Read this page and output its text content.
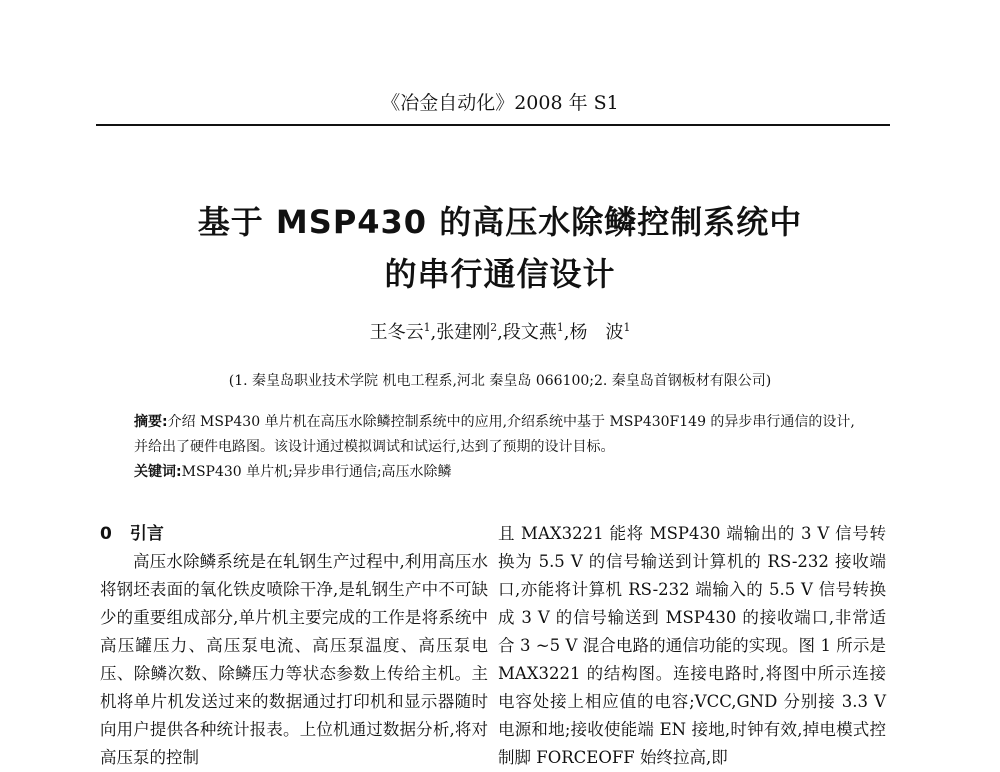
《冶金自动化》2008 年 S1
基于 MSP430 的高压水除鳞控制系统中
的串行通信设计
王冬云$^1$,张建刚$^2$,段文燕$^1$,杨　波$^1$
(1. 秦皇岛职业技术学院 机电工程系,河北 秦皇岛 066100;2. 秦皇岛首钢板材有限公司)
摘要:介绍 MSP430 单片机在高压水除鳞控制系统中的应用,介绍系统中基于 MSP430F149 的异步串行通信的设计,并给出了硬件电路图。该设计通过模拟调试和试运行,达到了预期的设计目标。
关键词:MSP430 单片机;异步串行通信;高压水除鳞
0 引言

高压水除鳞系统是在轧钢生产过程中,利用高压水将钢坯表面的氧化铁皮喷除干净,是轧钢生产中不可缺少的重要组成部分,单片机主要完成的工作是将系统中高压罐压力、高压泵电流、高压泵温度、高压泵电压、除鳞次数、除鳞压力等状态参数上传给主机。主机将单片机发送过来的数据通过打印机和显示器随时向用户提供各种统计报表。上位机通过数据分析,将对高压泵的控制

且 MAX3221 能将 MSP430 端输出的 3 V 信号转换为 5.5 V 的信号输送到计算机的 RS-232 接收端口,亦能将计算机 RS-232 端输入的 5.5 V 信号转换成 3 V 的信号输送到 MSP430 的接收端口,非常适合 3 ~5 V 混合电路的通信功能的实现。图 1 所示是 MAX3221 的结构图。连接电路时,将图中所示连接电容处接上相应值的电容;VCC,GND 分别接 3.3 V 电源和地;接收使能端 EN 接地,时钟有效,掉电模式控制脚 FORCEOFF 始终拉高,即
